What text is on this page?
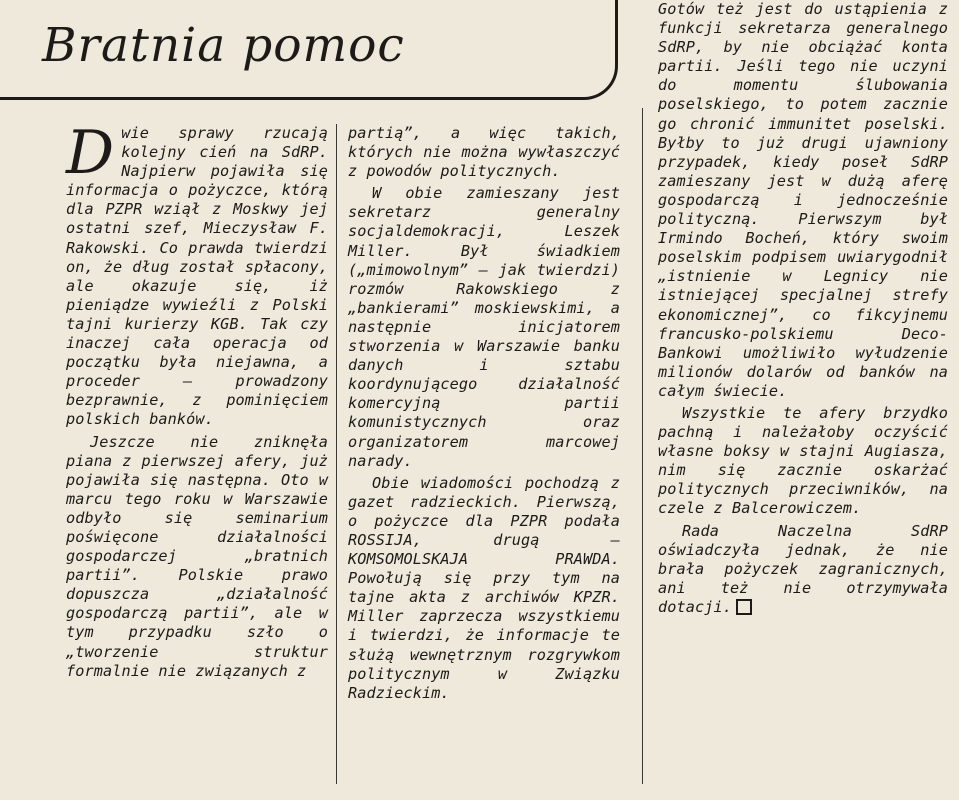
Bratnia pomoc

Dwie sprawy rzucają kolejny cień na SdRP. Najpierw pojawiła się informacja o pożyczce, którą dla PZPR wziął z Moskwy jej ostatni szef, Mieczysław F. Rakowski. Co prawda twierdzi on, że dług został spłacony, ale okazuje się, iż pieniądze wywieźli z Polski tajni kurierzy KGB. Tak czy inaczej cała operacja od początku była niejawna, a proceder — prowadzony bezprawnie, z pominięciem polskich banków.

Jeszcze nie zniknęła piana z pierwszej afery, już pojawiła się następna. Oto w marcu tego roku w Warszawie odbyło się seminarium poświęcone działalności gospodarczej „bratnich partii”. Polskie prawo dopuszcza „działalność gospodarczą partii”, ale w tym przypadku szło o „tworzenie struktur formalnie nie związanych z

partią”, a więc takich, których nie można wywłaszczyć z powodów politycznych.

W obie zamieszany jest sekretarz generalny socjaldemokracji, Leszek Miller. Był świadkiem („mimowolnym” — jak twierdzi) rozmów Rakowskiego z „bankierami” moskiewskimi, a następnie inicjatorem stworzenia w Warszawie banku danych i sztabu koordynującego działalność komercyjną partii komunistycznych oraz organizatorem marcowej narady.

Obie wiadomości pochodzą z gazet radzieckich. Pierwszą, o pożyczce dla PZPR podała ROSSIJA, drugą — KOMSOMOLSKAJA PRAWDA. Powołują się przy tym na tajne akta z archiwów KPZR. Miller zaprzecza wszystkiemu i twierdzi, że informacje te służą wewnętrznym rozgrywkom politycznym w Związku Radzieckim.

Gotów też jest do ustąpienia z funkcji sekretarza generalnego SdRP, by nie obciążać konta partii. Jeśli tego nie uczyni do momentu ślubowania poselskiego, to potem zacznie go chronić immunitet poselski. Byłby to już drugi ujawniony przypadek, kiedy poseł SdRP zamieszany jest w dużą aferę gospodarczą i jednocześnie polityczną. Pierwszym był Irmindo Bocheń, który swoim poselskim podpisem uwiarygodnił „istnienie w Legnicy nie istniejącej specjalnej strefy ekonomicznej”, co fikcyjnemu francusko-polskiemu Deco-Bankowi umożliwiło wyłudzenie milionów dolarów od banków na całym świecie.

Wszystkie te afery brzydko pachną i należałoby oczyścić własne boksy w stajni Augiasza, nim się zacznie oskarżać politycznych przeciwników, na czele z Balcerowiczem.

Rada Naczelna SdRP oświadczyła jednak, że nie brała pożyczek zagranicznych, ani też nie otrzymywała dotacji.
